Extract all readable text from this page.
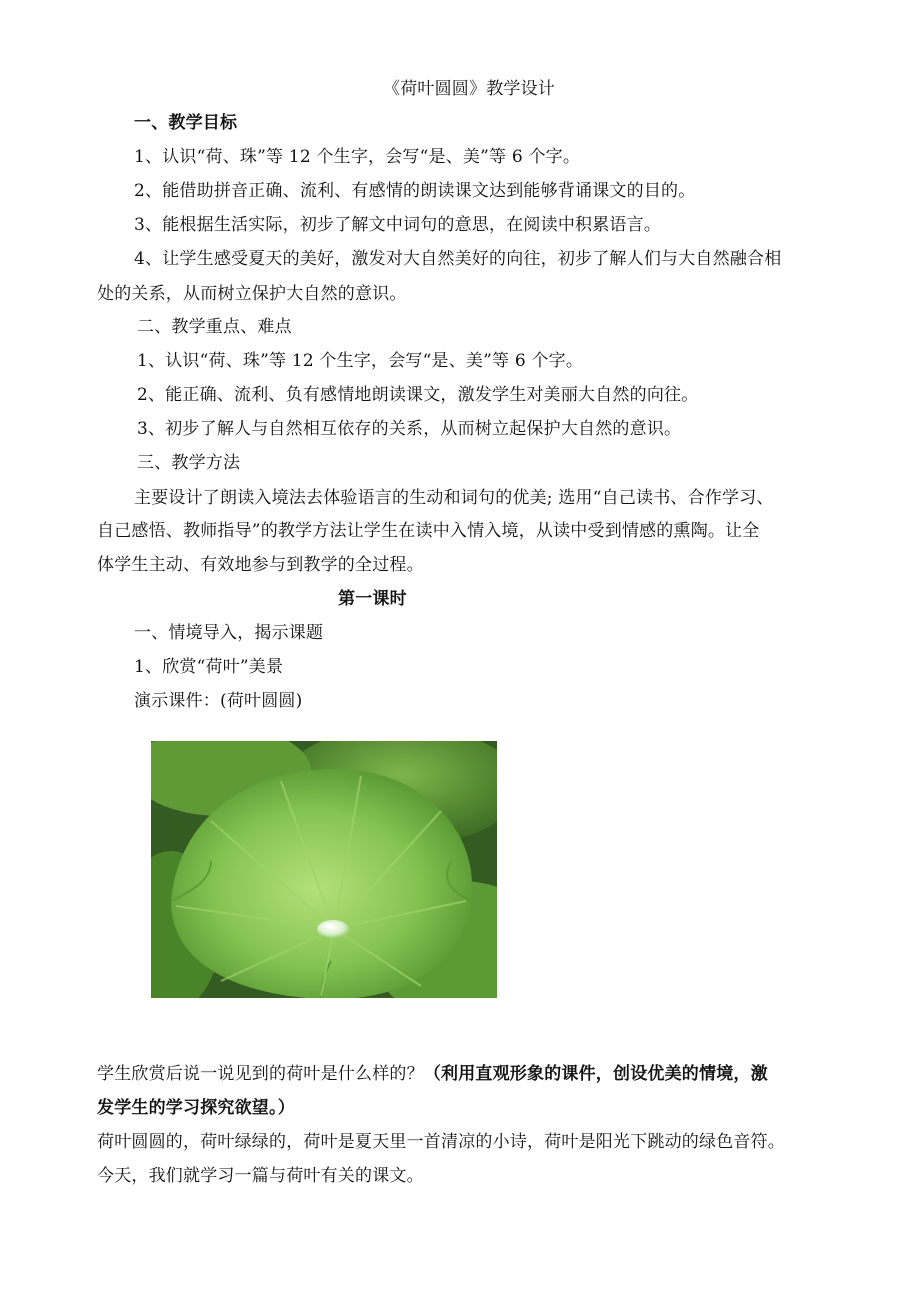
《荷叶圆圆》教学设计
一、教学目标
1、认识“荷、珠”等 12 个生字，会写“是、美”等 6 个字。
2、能借助拼音正确、流利、有感情的朗读课文达到能够背诵课文的目的。
3、能根据生活实际，初步了解文中词句的意思，在阅读中积累语言。
4、让学生感受夏天的美好，激发对大自然美好的向往，初步了解人们与大自然融合相
处的关系，从而树立保护大自然的意识。
二、教学重点、难点
1、认识“荷、珠”等 12 个生字，会写“是、美”等 6 个字。
2、能正确、流利、负有感情地朗读课文，激发学生对美丽大自然的向往。
3、初步了解人与自然相互依存的关系，从而树立起保护大自然的意识。
三、教学方法
主要设计了朗读入境法去体验语言的生动和词句的优美; 选用“自己读书、合作学习、
自己感悟、教师指导”的教学方法让学生在读中入情入境，从读中受到情感的熏陶。让全
体学生主动、有效地参与到教学的全过程。
第一课时
一、情境导入，揭示课题
1、欣赏“荷叶”美景
演示课件：(荷叶圆圆)
学生欣赏后说一说见到的荷叶是什么样的？（利用直观形象的课件，创设优美的情境，激
发学生的学习探究欲望。）
荷叶圆圆的，荷叶绿绿的，荷叶是夏天里一首清凉的小诗，荷叶是阳光下跳动的绿色音符。
今天，我们就学习一篇与荷叶有关的课文。
